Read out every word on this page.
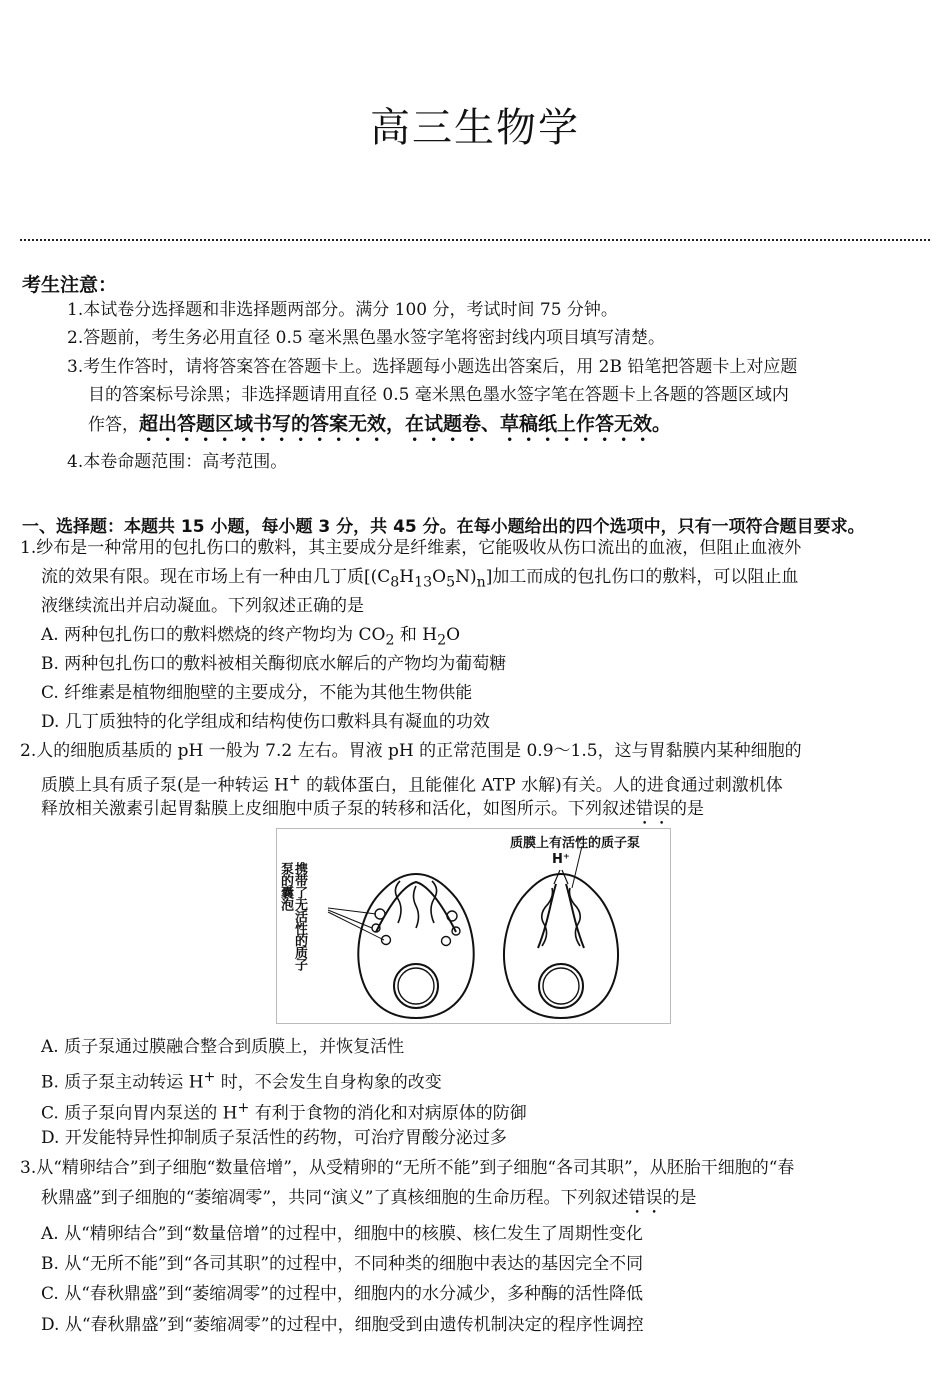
高三生物学
考生注意：
1.本试卷分选择题和非选择题两部分。满分 100 分，考试时间 75 分钟。
2.答题前，考生务必用直径 0.5 毫米黑色墨水签字笔将密封线内项目填写清楚。
3.考生作答时，请将答案答在答题卡上。选择题每小题选出答案后，用 2B 铅笔把答题卡上对应题
目的答案标号涂黑；非选择题请用直径 0.5 毫米黑色墨水签字笔在答题卡上各题的答题区域内
作答，超出答题区域书写的答案无效，在试题卷、草稿纸上作答无效。
4.本卷命题范围：高考范围。
一、选择题：本题共 15 小题，每小题 3 分，共 45 分。在每小题给出的四个选项中，只有一项符合题目要求。
1.纱布是一种常用的包扎伤口的敷料，其主要成分是纤维素，它能吸收从伤口流出的血液，但阻止血液外
流的效果有限。现在市场上有一种由几丁质$[(C_8H_{13}O_5N)_n]$加工而成的包扎伤口的敷料，可以阻止血
液继续流出并启动凝血。下列叙述正确的是
A. 两种包扎伤口的敷料燃烧的终产物均为 $CO_2$ 和 $H_2O$
B. 两种包扎伤口的敷料被相关酶彻底水解后的产物均为葡萄糖
C. 纤维素是植物细胞壁的主要成分，不能为其他生物供能
D. 几丁质独特的化学组成和结构使伤口敷料具有凝血的功效
2.人的细胞质基质的 pH 一般为 7.2 左右。胃液 pH 的正常范围是 0.9～1.5，这与胃黏膜内某种细胞的
质膜上具有质子泵(是一种转运 H+ 的载体蛋白，且能催化 ATP 水解)有关。人的进食通过刺激机体
释放相关激素引起胃黏膜上皮细胞中质子泵的转移和活化，如图所示。下列叙述错误的是
携带了无活性的质子泵的囊泡
质膜上有活性的质子泵
H⁺
A. 质子泵通过膜融合整合到质膜上，并恢复活性
B. 质子泵主动转运 H+ 时，不会发生自身构象的改变
C. 质子泵向胃内泵送的 H+ 有利于食物的消化和对病原体的防御
D. 开发能特异性抑制质子泵活性的药物，可治疗胃酸分泌过多
3.从“精卵结合”到子细胞“数量倍增”，从受精卵的“无所不能”到子细胞“各司其职”，从胚胎干细胞的“春
秋鼎盛”到子细胞的“萎缩凋零”，共同“演义”了真核细胞的生命历程。下列叙述错误的是
A. 从“精卵结合”到“数量倍增”的过程中，细胞中的核膜、核仁发生了周期性变化
B. 从“无所不能”到“各司其职”的过程中，不同种类的细胞中表达的基因完全不同
C. 从“春秋鼎盛”到“萎缩凋零”的过程中，细胞内的水分减少，多种酶的活性降低
D. 从“春秋鼎盛”到“萎缩凋零”的过程中，细胞受到由遗传机制决定的程序性调控
